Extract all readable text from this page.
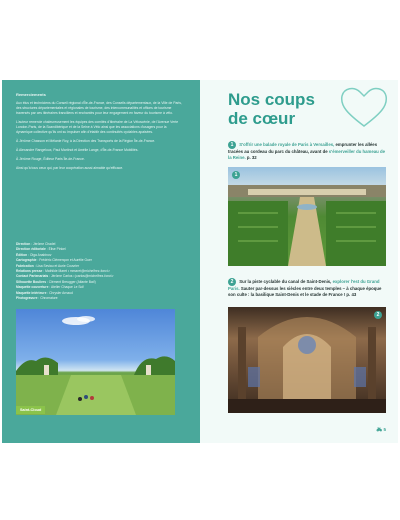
Remerciements

Aux élus et techniciens du Conseil régional d'Île-de-France, des Conseils départementaux, de la Ville de Paris, des structures départementales et régionales de tourisme, des intercommunalités et offices de tourisme traversés par ces itinéraires franciliens et enchantés pour leur engagement en faveur du tourisme à vélo.

L'auteur remercie chaleureusement les équipes des comités d'itinéraire de La Véloscénie, de l'Avenue Verte London-Paris, de la Scandibérique et de la Seine à Vélo ainsi que les associations d'usagers pour la dynamique collective qu'ils ont su impulser afin d'établir des continuités cyclables apaisées.

À Jérôme Chasson et Mélanie Roy, à la Direction des Transports de la Région Île-de-France.

À Alexandre Rangeloux, Paul Martinot et Amélie Lange, d'Île-de-France Mobilités.

À Jérôme Rouge, Éditeur Paris Île-de-France.

Ainsi qu'à tous ceux qui, par leur coopération aussi aimable qu'efficace.

Direction : Jérôme Chadel
Direction éditoriale : Élise Pinkel
Édition : Olga Anabinov
Cartographie : Frédéric Clémençon et Aurélie Guer
Fabrication : Lisa Seviau et Aurie Couvrier
Relations presse : Mathilde Maret • mmaret@michelfrez-fonct.r
Contact Partenariats : Jérôme Carlos • jcarlos@michelfrez-fonct.r
Silhouette Bouliers : Clément Breugger (Atlante Bat!)
Maquette couverture : Atelier Chaque Le Sol!
Maquette intérieure : Chrysler Arnaud
Photogravure : Chromature
Saint-Cloud
Nos coups
de cœur
1 S'offrir une balade royale de Paris à Versailles, emprunter les allées tracées au cordeau du parc du château, avant de s'émerveiller du hameau de la Reine. p. 32
1
2 Sur la piste cyclable du canal de Saint-Denis, explorer l'est du Grand Paris. Sauter par-dessus les siècles entre deux temples – à chaque époque son culte : la basilique Saint-Denis et le stade de France ! p. 43
2
🚲︎ 5
